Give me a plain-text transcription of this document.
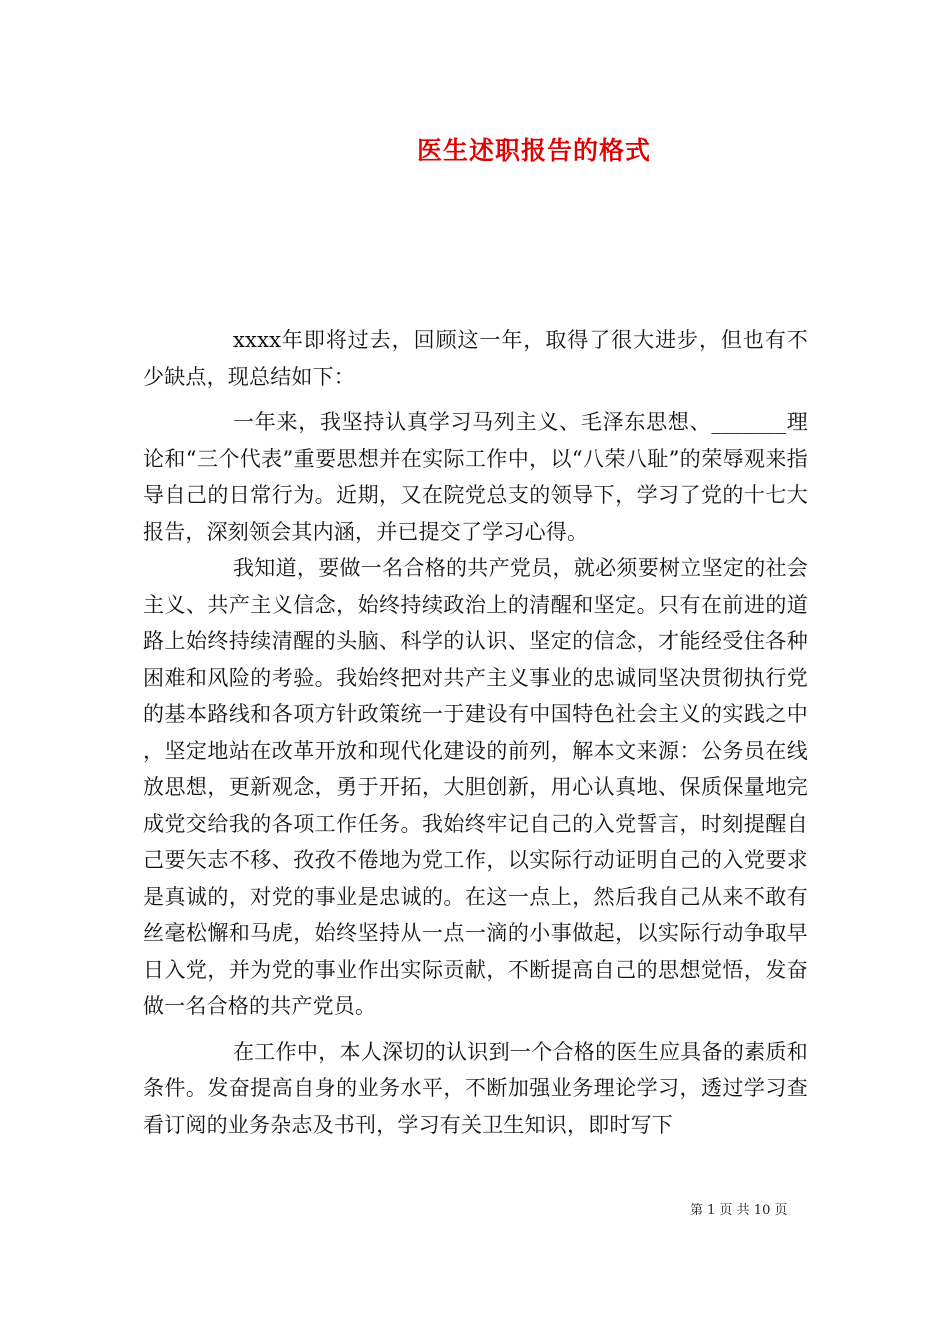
医生述职报告的格式

xxxx年即将过去，回顾这一年，取得了很大进步，但也有不少缺点，现总结如下：

一年来，我坚持认真学习马列主义、毛泽东思想、_______理论和“三个代表”重要思想并在实际工作中，以“八荣八耻”的荣辱观来指导自己的日常行为。近期，又在院党总支的领导下，学习了党的十七大报告，深刻领会其内涵，并已提交了学习心得。

我知道，要做一名合格的共产党员，就必须要树立坚定的社会主义、共产主义信念，始终持续政治上的清醒和坚定。只有在前进的道路上始终持续清醒的头脑、科学的认识、坚定的信念，才能经受住各种困难和风险的考验。我始终把对共产主义事业的忠诚同坚决贯彻执行党的基本路线和各项方针政策统一于建设有中国特色社会主义的实践之中，坚定地站在改革开放和现代化建设的前列，解本文来源：公务员在线放思想，更新观念，勇于开拓，大胆创新，用心认真地、保质保量地完成党交给我的各项工作任务。我始终牢记自己的入党誓言，时刻提醒自己要矢志不移、孜孜不倦地为党工作，以实际行动证明自己的入党要求是真诚的，对党的事业是忠诚的。在这一点上，然后我自己从来不敢有丝毫松懈和马虎，始终坚持从一点一滴的小事做起，以实际行动争取早日入党，并为党的事业作出实际贡献，不断提高自己的思想觉悟，发奋做一名合格的共产党员。

在工作中，本人深切的认识到一个合格的医生应具备的素质和条件。发奋提高自身的业务水平，不断加强业务理论学习，透过学习查看订阅的业务杂志及书刊，学习有关卫生知识，即时写下

第 1 页 共 10 页
